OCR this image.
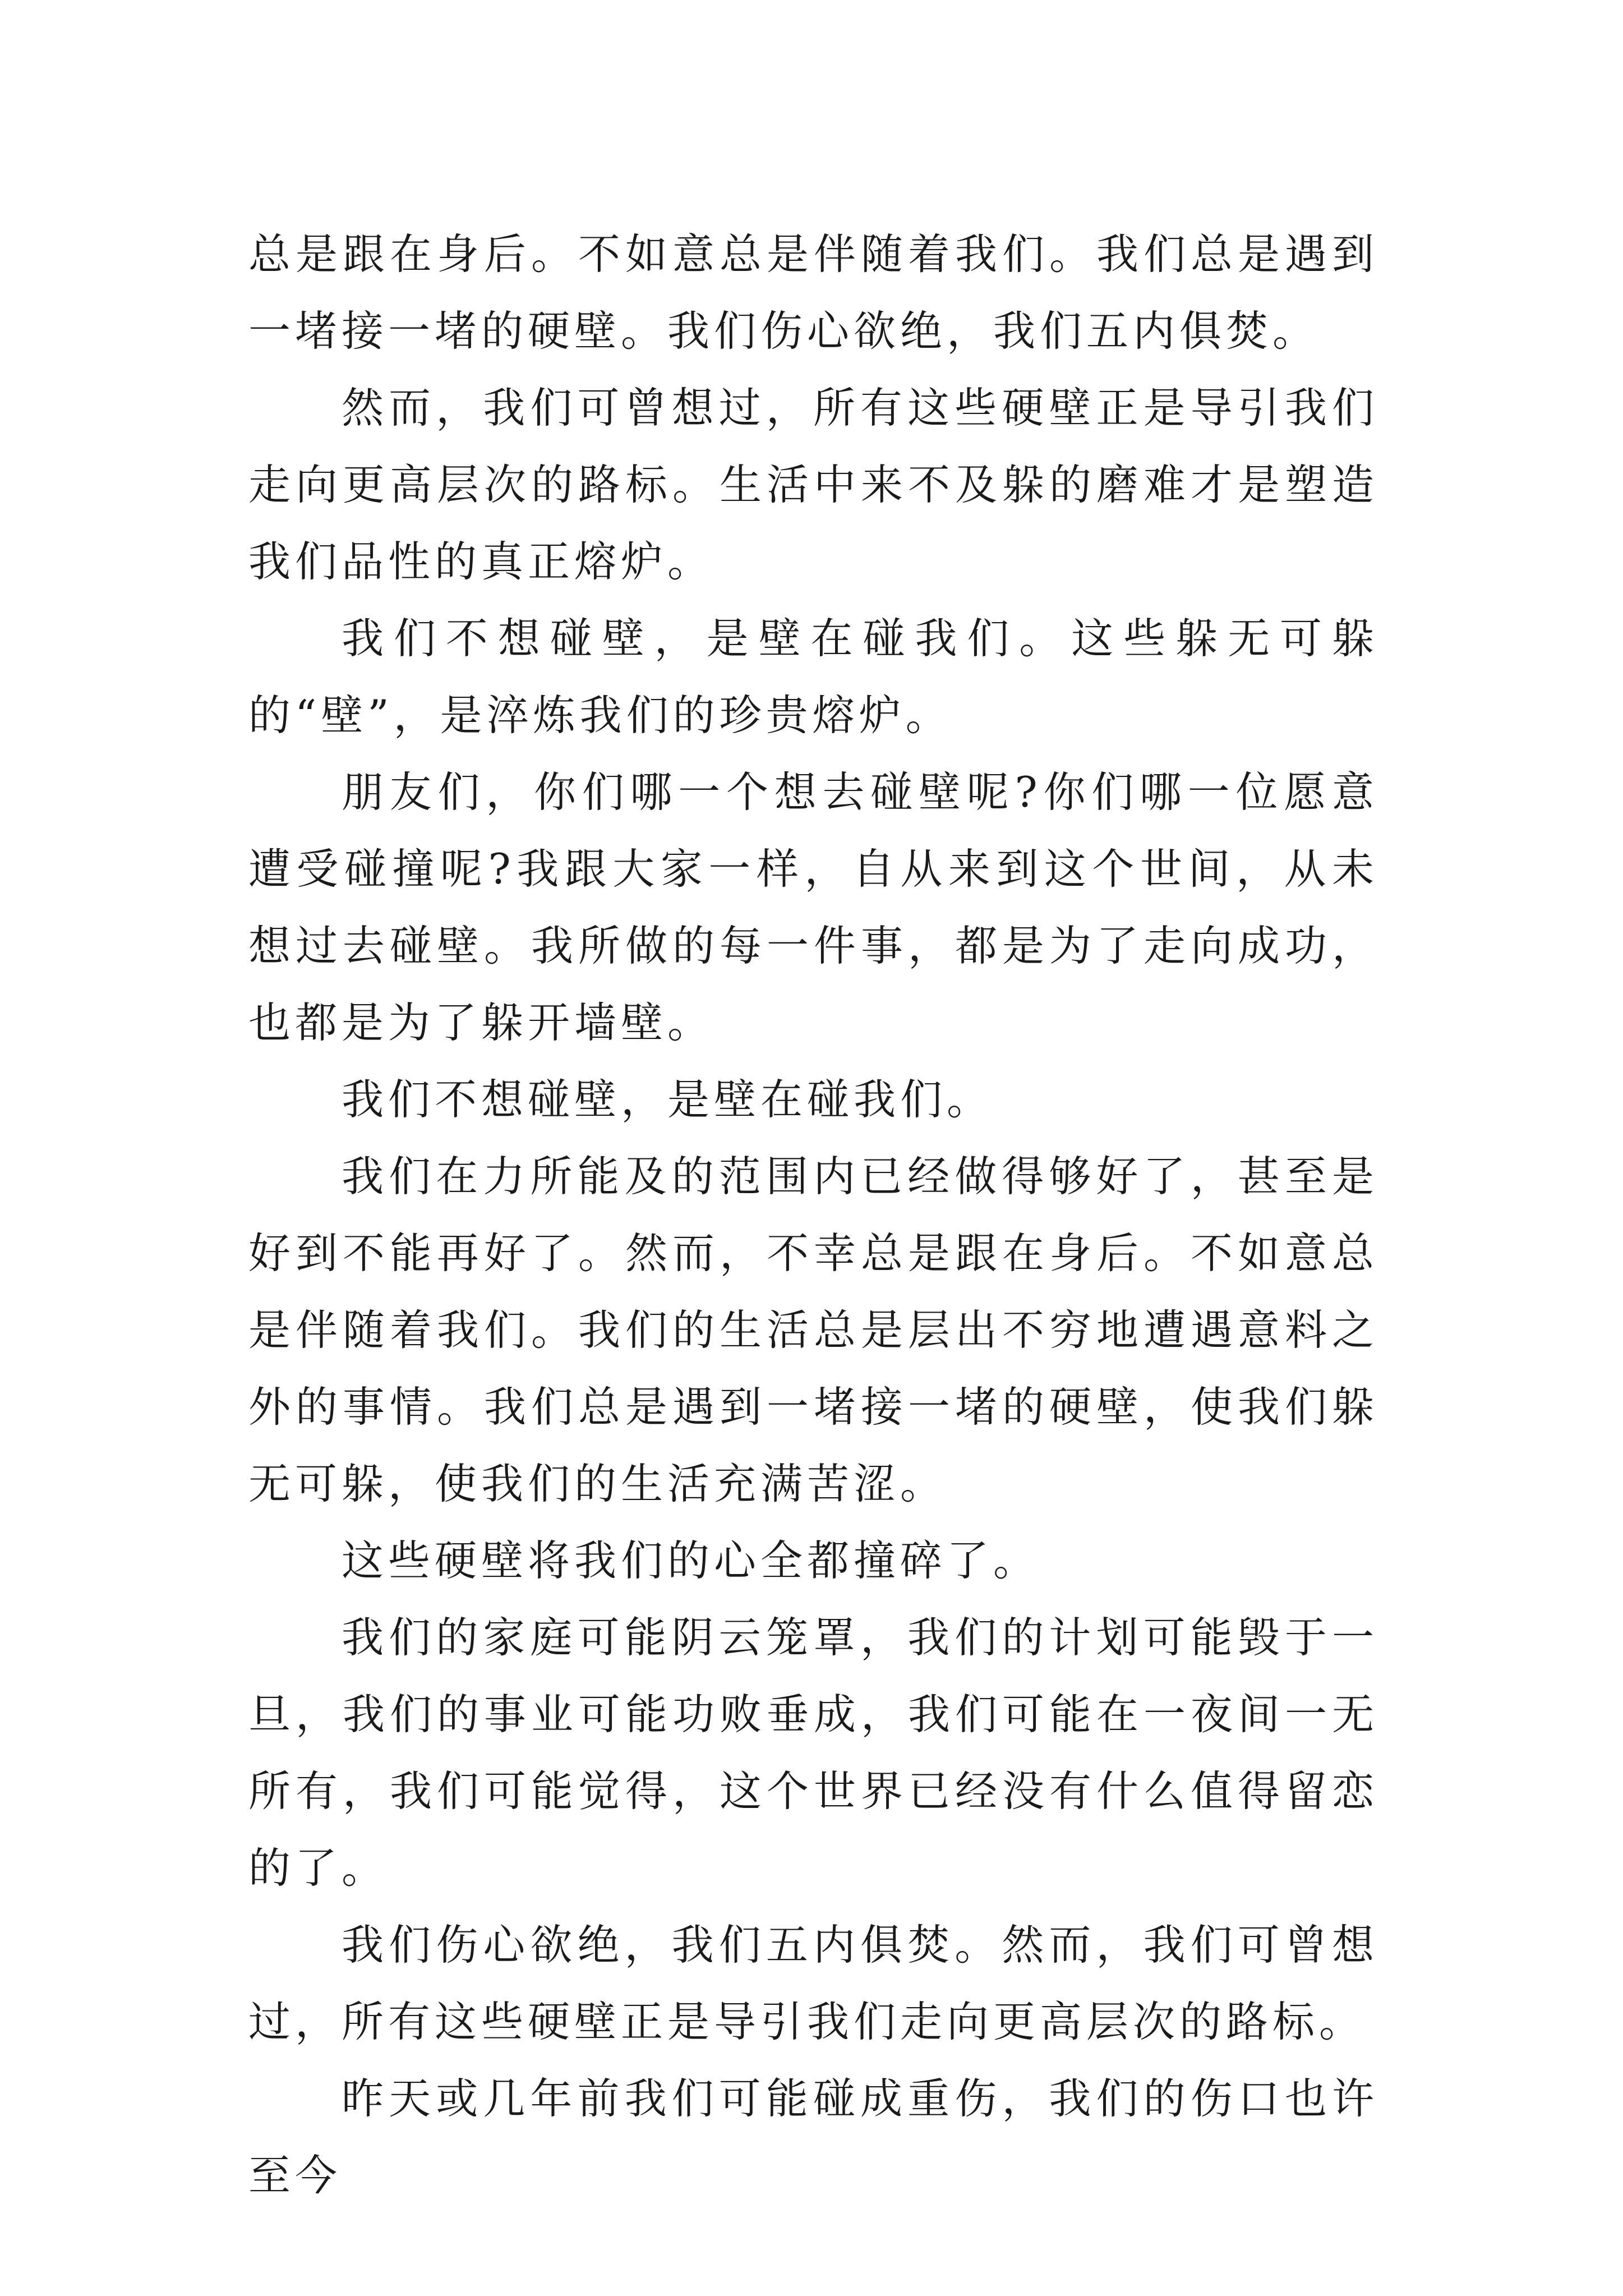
总是跟在身后。不如意总是伴随着我们。我们总是遇到一堵接一堵的硬壁。我们伤心欲绝，我们五内俱焚。

然而，我们可曾想过，所有这些硬壁正是导引我们走向更高层次的路标。生活中来不及躲的磨难才是塑造我们品性的真正熔炉。

我们不想碰壁，是壁在碰我们。这些躲无可躲的“壁”，是淬炼我们的珍贵熔炉。

朋友们，你们哪一个想去碰壁呢?你们哪一位愿意遭受碰撞呢?我跟大家一样，自从来到这个世间，从未想过去碰壁。我所做的每一件事，都是为了走向成功，也都是为了躲开墙壁。

我们不想碰壁，是壁在碰我们。

我们在力所能及的范围内已经做得够好了，甚至是好到不能再好了。然而，不幸总是跟在身后。不如意总是伴随着我们。我们的生活总是层出不穷地遭遇意料之外的事情。我们总是遇到一堵接一堵的硬壁，使我们躲无可躲，使我们的生活充满苦涩。

这些硬壁将我们的心全都撞碎了。

我们的家庭可能阴云笼罩，我们的计划可能毁于一旦，我们的事业可能功败垂成，我们可能在一夜间一无所有，我们可能觉得，这个世界已经没有什么值得留恋的了。

我们伤心欲绝，我们五内俱焚。然而，我们可曾想过，所有这些硬壁正是导引我们走向更高层次的路标。

昨天或几年前我们可能碰成重伤，我们的伤口也许至今
